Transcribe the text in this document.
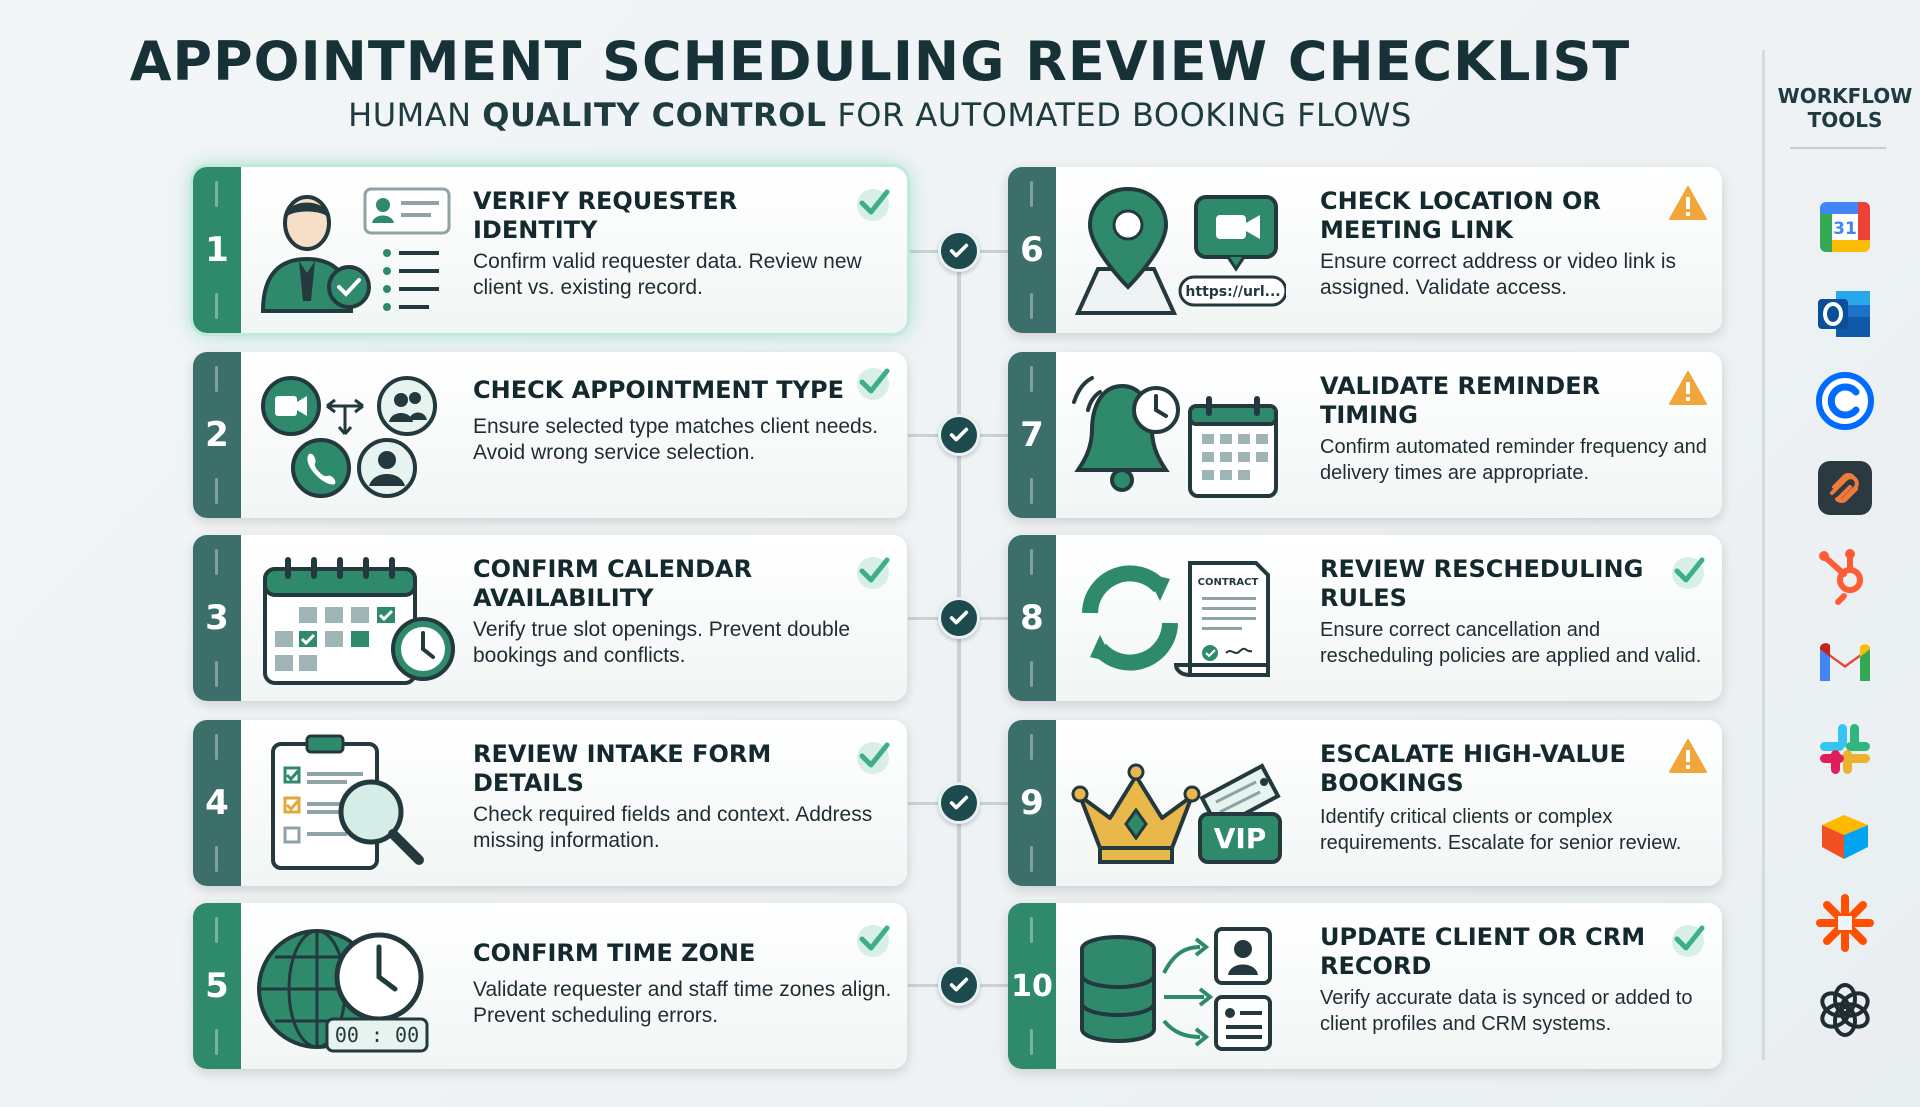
APPOINTMENT SCHEDULING REVIEW CHECKLIST
HUMAN QUALITY CONTROL FOR AUTOMATED BOOKING FLOWS
1
VERIFY REQUESTER IDENTITY
Confirm valid requester data. Review new client vs. existing record.
2
CHECK APPOINTMENT TYPE
Ensure selected type matches client needs. Avoid wrong service selection.
3
CONFIRM CALENDAR AVAILABILITY
Verify true slot openings. Prevent double bookings and conflicts.
4
REVIEW INTAKE FORM DETAILS
Check required fields and context. Address missing information.
5
00 : 00
CONFIRM TIME ZONE
Validate requester and staff time zones align. Prevent scheduling errors.
6
https://url...
CHECK LOCATION OR MEETING LINK
Ensure correct address or video link is assigned. Validate access.
7
VALIDATE REMINDER TIMING
Confirm automated reminder frequency and delivery times are appropriate.
8
CONTRACT	REVIEW RESCHEDULING RULES
Ensure correct cancellation and rescheduling policies are applied and valid.
9
VIP
ESCALATE HIGH-VALUE BOOKINGS
Identify critical clients or complex requirements. Escalate for senior review.
10
UPDATE CLIENT OR CRM RECORD
Verify accurate data is synced or added to client profiles and CRM systems.
WORKFLOW TOOLS
31
